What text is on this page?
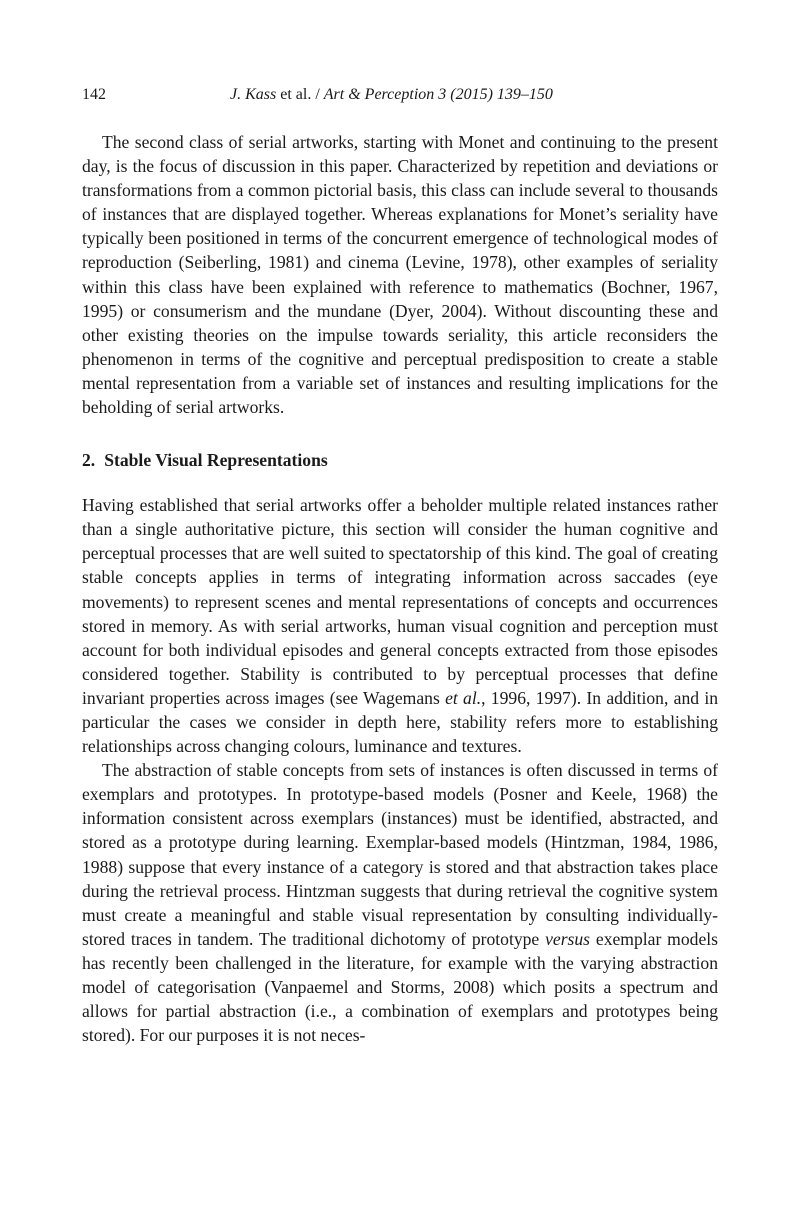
142	J. Kass et al. / Art & Perception 3 (2015) 139–150

The second class of serial artworks, starting with Monet and continuing to the present day, is the focus of discussion in this paper. Characterized by repetition and deviations or transformations from a common pictorial basis, this class can include several to thousands of instances that are displayed together. Whereas explanations for Monet’s seriality have typically been positioned in terms of the concurrent emergence of technological modes of reproduction (Seiberling, 1981) and cinema (Levine, 1978), other examples of seriality within this class have been explained with reference to mathematics (Bochner, 1967, 1995) or consumerism and the mundane (Dyer, 2004). Without discounting these and other existing theories on the impulse towards seriality, this article reconsiders the phenomenon in terms of the cognitive and perceptual predisposition to create a stable mental representation from a variable set of instances and resulting implications for the beholding of serial artworks.

2. Stable Visual Representations

Having established that serial artworks offer a beholder multiple related instances rather than a single authoritative picture, this section will consider the human cognitive and perceptual processes that are well suited to spectatorship of this kind. The goal of creating stable concepts applies in terms of integrating information across saccades (eye movements) to represent scenes and mental representations of concepts and occurrences stored in memory. As with serial artworks, human visual cognition and perception must account for both individual episodes and general concepts extracted from those episodes considered together. Stability is contributed to by perceptual processes that define invariant properties across images (see Wagemans et al., 1996, 1997). In addition, and in particular the cases we consider in depth here, stability refers more to establishing relationships across changing colours, luminance and textures.

The abstraction of stable concepts from sets of instances is often discussed in terms of exemplars and prototypes. In prototype-based models (Posner and Keele, 1968) the information consistent across exemplars (instances) must be identified, abstracted, and stored as a prototype during learning. Exemplar-based models (Hintzman, 1984, 1986, 1988) suppose that every instance of a category is stored and that abstraction takes place during the retrieval process. Hintzman suggests that during retrieval the cognitive system must create a meaningful and stable visual representation by consulting individually-stored traces in tandem. The traditional dichotomy of prototype versus exemplar models has recently been challenged in the literature, for example with the varying abstraction model of categorisation (Vanpaemel and Storms, 2008) which posits a spectrum and allows for partial abstraction (i.e., a combination of exemplars and prototypes being stored). For our purposes it is not neces-
